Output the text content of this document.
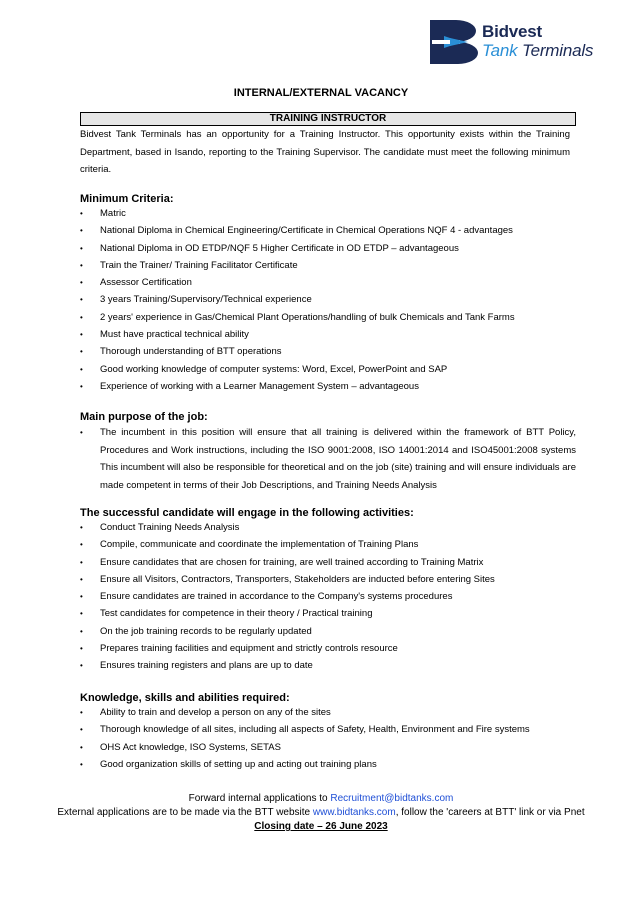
Bidvest
Tank Terminals
INTERNAL/EXTERNAL VACANCY
TRAINING INSTRUCTOR
Bidvest Tank Terminals has an opportunity for a Training Instructor. This opportunity exists within the Training Department, based in Isando, reporting to the Training Supervisor. The candidate must meet the following minimum criteria.
Minimum Criteria:
• Matric
• National Diploma in Chemical Engineering/Certificate in Chemical Operations NQF 4 - advantages
• National Diploma in OD ETDP/NQF 5 Higher Certificate in OD ETDP – advantageous
• Train the Trainer/ Training Facilitator Certificate
• Assessor Certification
• 3 years Training/Supervisory/Technical experience
• 2 years' experience in Gas/Chemical Plant Operations/handling of bulk Chemicals and Tank Farms
• Must have practical technical ability
• Thorough understanding of BTT operations
• Good working knowledge of computer systems: Word, Excel, PowerPoint and SAP
• Experience of working with a Learner Management System – advantageous
Main purpose of the job:
• The incumbent in this position will ensure that all training is delivered within the framework of BTT Policy, Procedures and Work instructions, including the ISO 9001:2008, ISO 14001:2014 and ISO45001:2008 systems This incumbent will also be responsible for theoretical and on the job (site) training and will ensure individuals are made competent in terms of their Job Descriptions, and Training Needs Analysis
The successful candidate will engage in the following activities:
• Conduct Training Needs Analysis
• Compile, communicate and coordinate the implementation of Training Plans
• Ensure candidates that are chosen for training, are well trained according to Training Matrix
• Ensure all Visitors, Contractors, Transporters, Stakeholders are inducted before entering Sites
• Ensure candidates are trained in accordance to the Company's systems procedures
• Test candidates for competence in their theory / Practical training
• On the job training records to be regularly updated
• Prepares training facilities and equipment and strictly controls resource
• Ensures training registers and plans are up to date
Knowledge, skills and abilities required:
• Ability to train and develop a person on any of the sites
• Thorough knowledge of all sites, including all aspects of Safety, Health, Environment and Fire systems
• OHS Act knowledge, ISO Systems, SETAS
• Good organization skills of setting up and acting out training plans
Forward internal applications to Recruitment@bidtanks.com
External applications are to be made via the BTT website www.bidtanks.com, follow the 'careers at BTT' link or via Pnet
Closing date – 26 June 2023
